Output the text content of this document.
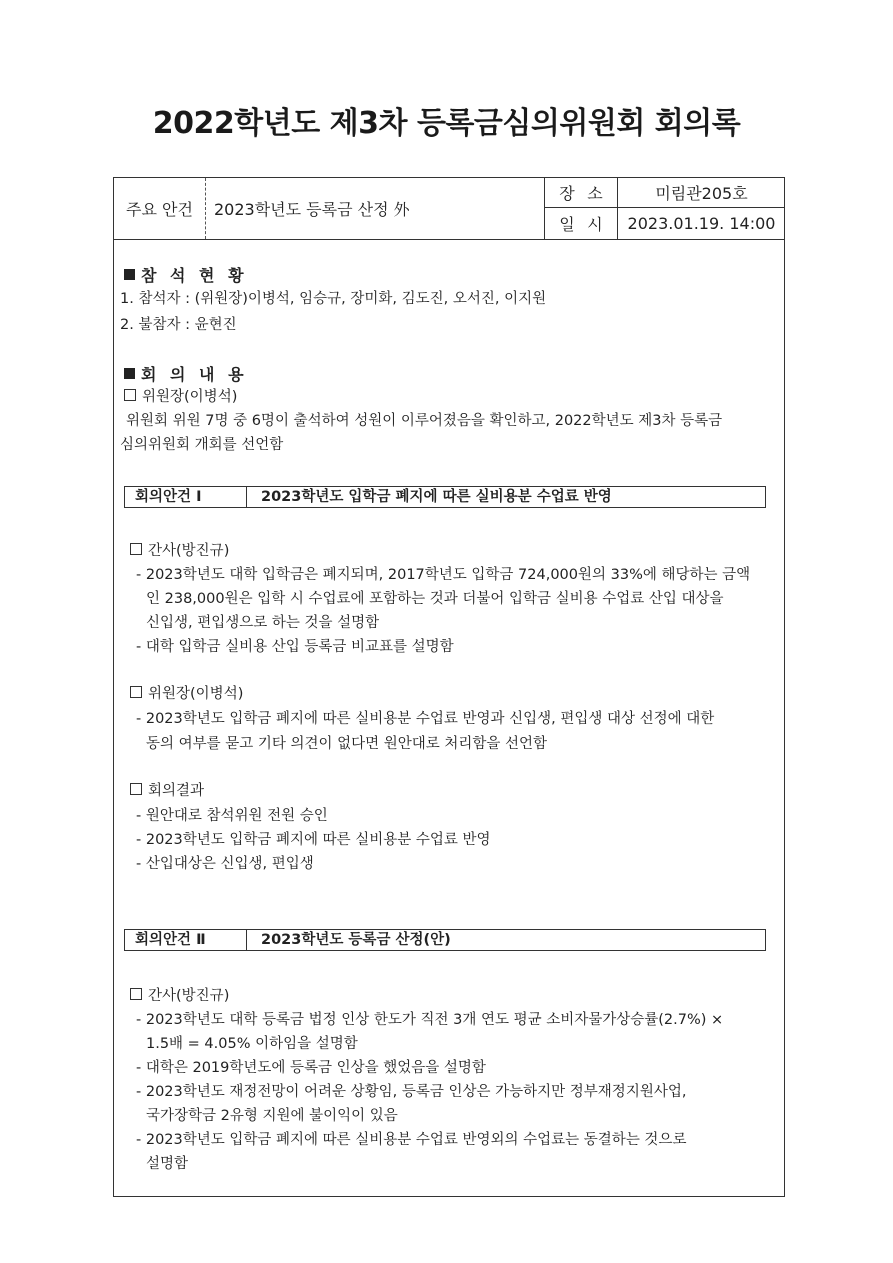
2022학년도 제3차 등록금심의위원회 회의록
주요 안건	2023학년도 등록금 산정 外
장 소	미림관205호
일 시	2023.01.19. 14:00
참 석 현 황
1. 참석자 : (위원장)이병석, 임승규, 장미화, 김도진, 오서진, 이지원
2. 불참자 : 윤현진
회 의 내 용
위원장(이병석)
위원회 위원 7명 중 6명이 출석하여 성원이 이루어졌음을 확인하고, 2022학년도 제3차 등록금
심의위원회 개회를 선언함
회의안건 Ⅰ	2023학년도 입학금 폐지에 따른 실비용분 수업료 반영
간사(방진규)
- 2023학년도 대학 입학금은 폐지되며, 2017학년도 입학금 724,000원의 33%에 해당하는 금액
인 238,000원은 입학 시 수업료에 포함하는 것과 더불어 입학금 실비용 수업료 산입 대상을
신입생, 편입생으로 하는 것을 설명함
- 대학 입학금 실비용 산입 등록금 비교표를 설명함
위원장(이병석)
- 2023학년도 입학금 폐지에 따른 실비용분 수업료 반영과 신입생, 편입생 대상 선정에 대한
동의 여부를 묻고 기타 의견이 없다면 원안대로 처리함을 선언함
회의결과
- 원안대로 참석위원 전원 승인
- 2023학년도 입학금 폐지에 따른 실비용분 수업료 반영
- 산입대상은 신입생, 편입생
회의안건 Ⅱ	2023학년도 등록금 산정(안)
간사(방진규)
- 2023학년도 대학 등록금 법정 인상 한도가 직전 3개 연도 평균 소비자물가상승률(2.7%) ×
1.5배 = 4.05% 이하임을 설명함
- 대학은 2019학년도에 등록금 인상을 했었음을 설명함
- 2023학년도 재정전망이 어려운 상황임, 등록금 인상은 가능하지만 정부재정지원사업,
국가장학금 2유형 지원에 불이익이 있음
- 2023학년도 입학금 폐지에 따른 실비용분 수업료 반영외의 수업료는 동결하는 것으로
설명함
